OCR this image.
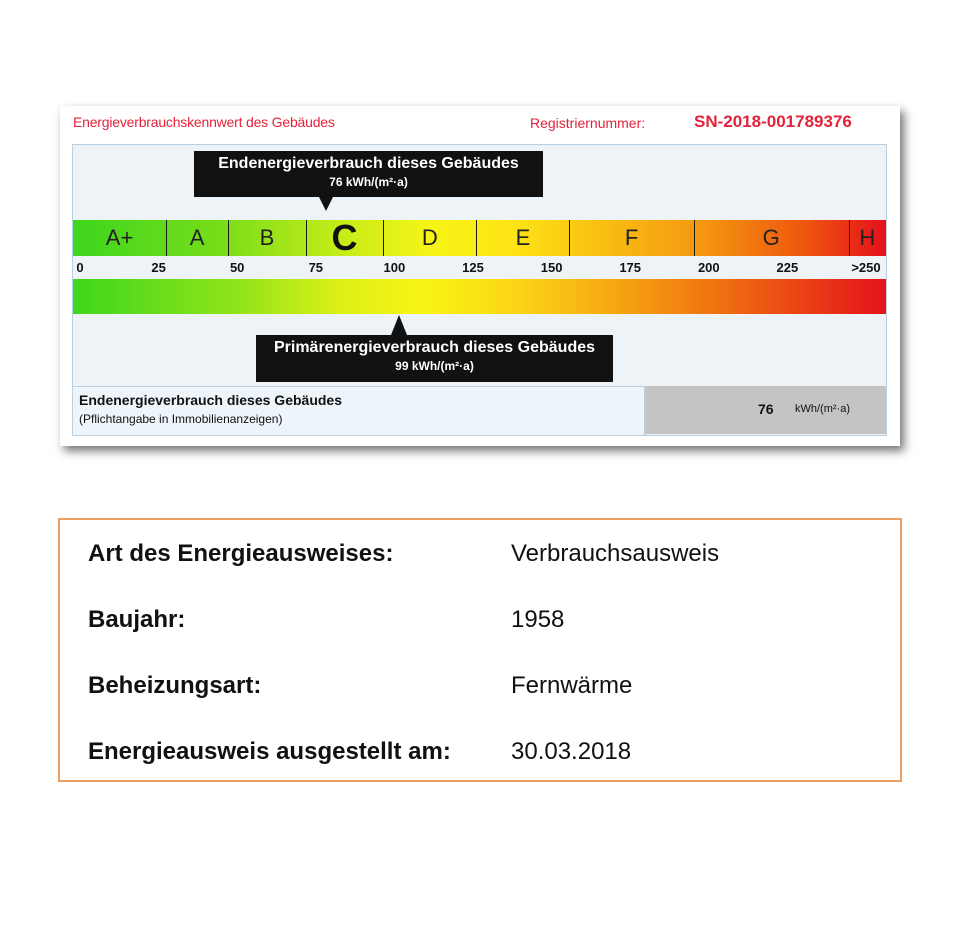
Energieverbrauchskennwert des Gebäudes	Registriernummer:	SN-2018-001789376
Endenergieverbrauch dieses Gebäudes
76 kWh/(m²·a)
A+	A	B	C	D	E	F	G	H
0	25	50	75	100	125	150	175	200	225	>250
Primärenergieverbrauch dieses Gebäudes
99 kWh/(m²·a)
Endenergieverbrauch dieses Gebäudes
(Pflichtangabe in Immobilienanzeigen)
76 kWh/(m²·a)
Art des Energieausweises:	Verbrauchsausweis
Baujahr:	1958
Beheizungsart:	Fernwärme
Energieausweis ausgestellt am:	30.03.2018
